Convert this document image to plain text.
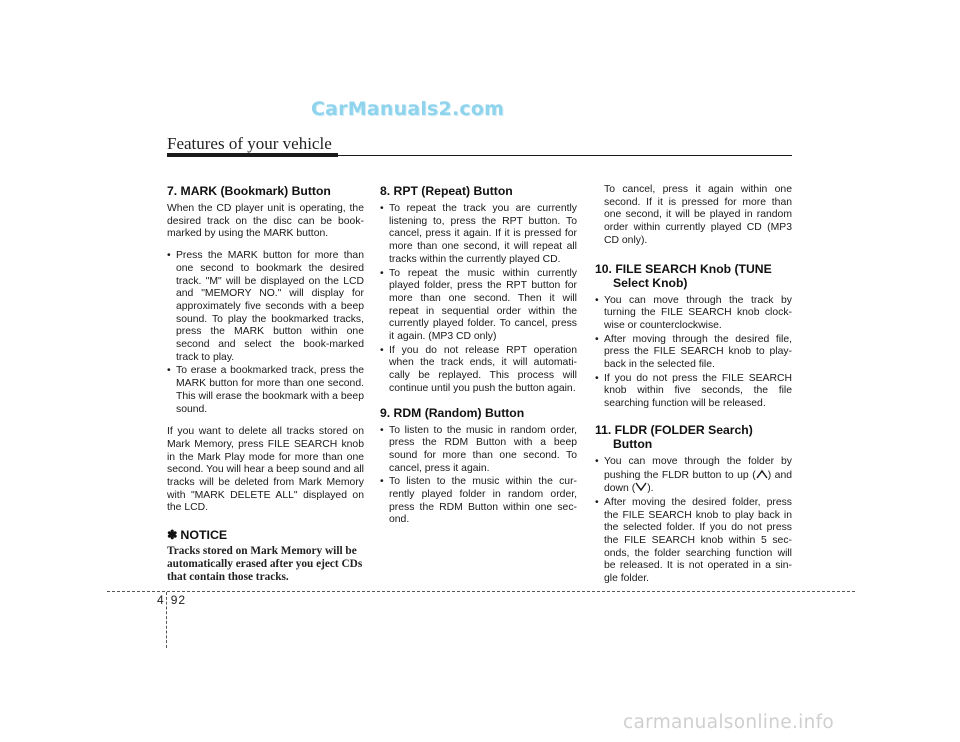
CarManuals2.com
Features of your vehicle
7. MARK (Bookmark) Button

When the CD player unit is operating, the desired track on the disc can be book-marked by using the MARK button.

• Press the MARK button for more than one second to bookmark the desired track. "M" will be displayed on the LCD and "MEMORY NO." will display for approximately five seconds with a beep sound. To play the bookmarked tracks, press the MARK button within one second and select the book-marked track to play.
• To erase a bookmarked track, press the MARK button for more than one second. This will erase the bookmark with a beep sound.

If you want to delete all tracks stored on Mark Memory, press FILE SEARCH knob in the Mark Play mode for more than one second. You will hear a beep sound and all tracks will be deleted from Mark Memory with "MARK DELETE ALL" displayed on the LCD.

✽ NOTICE
Tracks stored on Mark Memory will be automatically erased after you eject CDs that contain those tracks.
8. RPT (Repeat) Button
• To repeat the track you are currently listening to, press the RPT button. To cancel, press it again. If it is pressed for more than one second, it will repeat all tracks within the currently played CD.
• To repeat the music within currently played folder, press the RPT button for more than one second. Then it will repeat in sequential order within the currently played folder. To cancel, press it again. (MP3 CD only)
• If you do not release RPT operation when the track ends, it will automati-cally be replayed. This process will continue until you push the button again.
9. RDM (Random) Button
• To listen to the music in random order, press the RDM Button with a beep sound for more than one second. To cancel, press it again.
• To listen to the music within the cur-rently played folder in random order, press the RDM Button within one sec-ond.

To cancel, press it again within one second. If it is pressed for more than one second, it will be played in random order within currently played CD (MP3 CD only).

10. FILE SEARCH Knob (TUNE
Select Knob)
• You can move through the track by turning the FILE SEARCH knob clock-wise or counterclockwise.
• After moving through the desired file, press the FILE SEARCH knob to play-back in the selected file.
• If you do not press the FILE SEARCH knob within five seconds, the file searching function will be released.
11. FLDR (FOLDER Search)
Button
• You can move through the folder by pushing the FLDR button to up ( ) and down ( ).
• After moving the desired folder, press the FILE SEARCH knob to play back in the selected folder. If you do not press the FILE SEARCH knob within 5 sec-onds, the folder searching function will be released. It is not operated in a sin-gle folder.
4 92
carmanualsonline.info
